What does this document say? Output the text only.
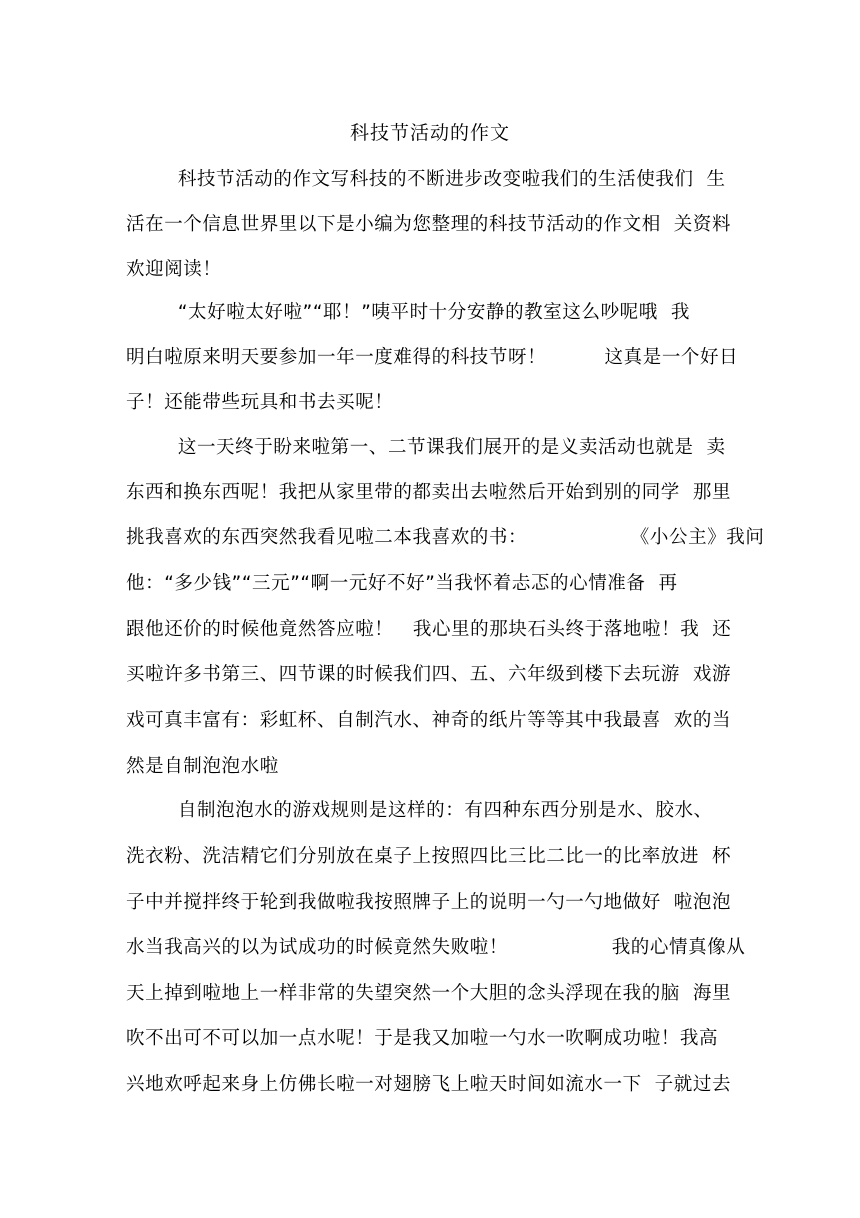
科技节活动的作文
科技节活动的作文写科技的不断进步改变啦我们的生活使我们  生
活在一个信息世界里以下是小编为您整理的科技节活动的作文相  关资料
欢迎阅读！
“太好啦太好啦”“耶！”咦平时十分安静的教室这么吵呢哦  我
明白啦原来明天要参加一年一度难得的科技节呀！         这真是一个好日
子！还能带些玩具和书去买呢！
这一天终于盼来啦第一、二节课我们展开的是义卖活动也就是  卖
东西和换东西呢！我把从家里带的都卖出去啦然后开始到别的同学  那里
挑我喜欢的东西突然我看见啦二本我喜欢的书：                《小公主》我问
他：“多少钱”“三元”“啊一元好不好”当我怀着忐忑的心情准备  再
跟他还价的时候他竟然答应啦！   我心里的那块石头终于落地啦！我  还
买啦许多书第三、四节课的时候我们四、五、六年级到楼下去玩游  戏游
戏可真丰富有：彩虹杯、自制汽水、神奇的纸片等等其中我最喜  欢的当
然是自制泡泡水啦
自制泡泡水的游戏规则是这样的：有四种东西分别是水、胶水、
洗衣粉、洗洁精它们分别放在桌子上按照四比三比二比一的比率放进  杯
子中并搅拌终于轮到我做啦我按照牌子上的说明一勺一勺地做好  啦泡泡
水当我高兴的以为试成功的时候竟然失败啦！                我的心情真像从
天上掉到啦地上一样非常的失望突然一个大胆的念头浮现在我的脑  海里
吹不出可不可以加一点水呢！于是我又加啦一勺水一吹啊成功啦！我高
兴地欢呼起来身上仿佛长啦一对翅膀飞上啦天时间如流水一下  子就过去
